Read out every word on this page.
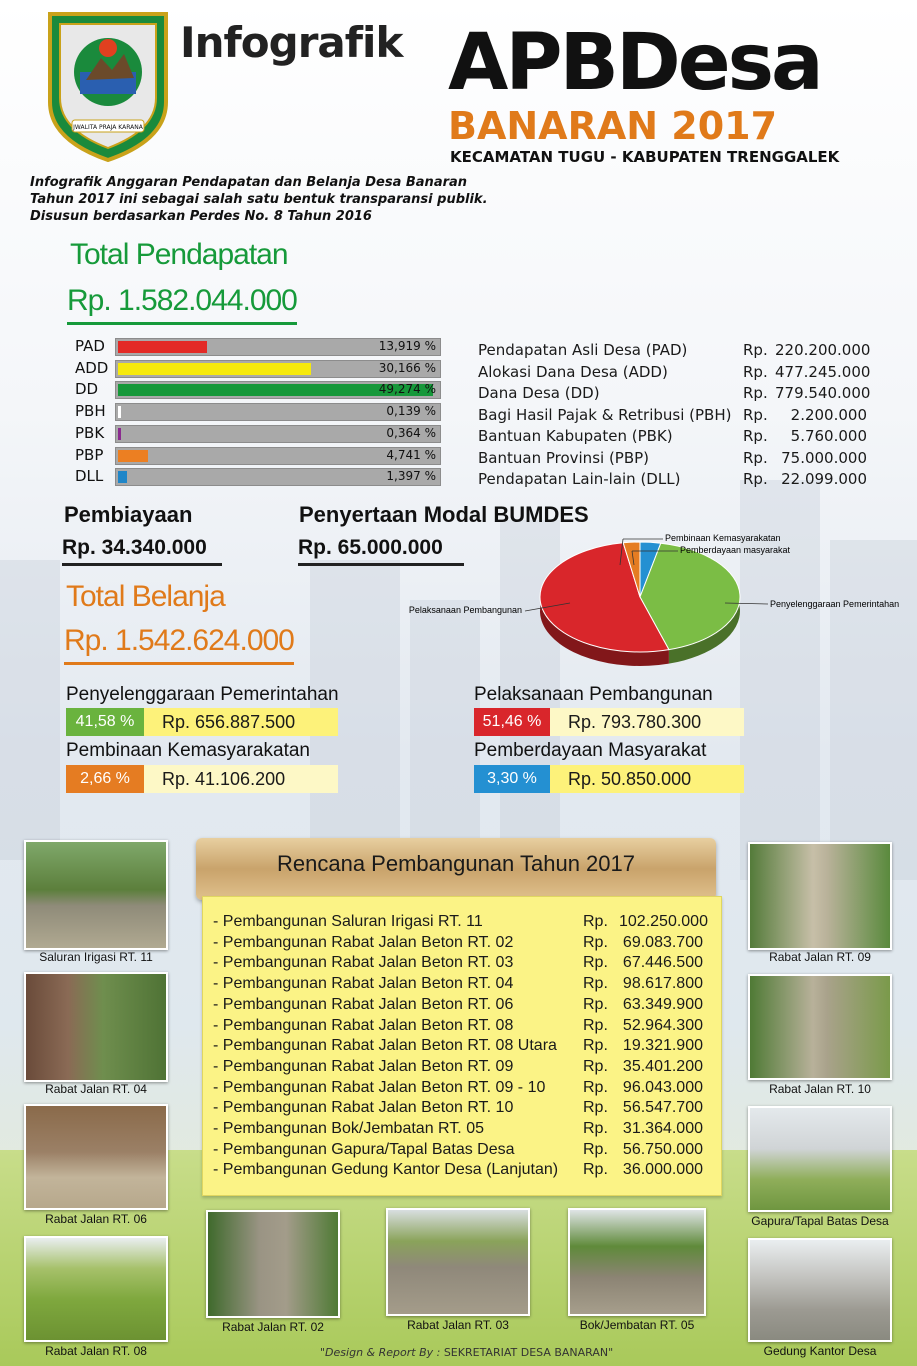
JWALITA PRAJA KARANA
Infografik APBDesa
BANARAN 2017
KECAMATAN TUGU - KABUPATEN TRENGGALEK
Infografik Anggaran Pendapatan dan Belanja Desa Banaran
Tahun 2017 ini sebagai salah satu bentuk transparansi publik.
Disusun berdasarkan Perdes No. 8 Tahun 2016
Total Pendapatan
Rp. 1.582.044.000
PAD	13,919 %
ADD	30,166 %
DD	49,274 %
PBH	0,139 %
PBK	0,364 %
PBP	4,741 %
DLL	1,397 %
Pendapatan Asli Desa (PAD)	Rp. 220.200.000
Alokasi Dana Desa (ADD)	Rp. 477.245.000
Dana Desa (DD)	Rp. 779.540.000
Bagi Hasil Pajak & Retribusi (PBH) Rp.	2.200.000
Bantuan Kabupaten (PBK)	Rp.	5.760.000
Bantuan Provinsi (PBP)	Rp. 75.000.000
Pendapatan Lain-lain (DLL)	Rp. 22.099.000
Pembiayaan
Rp. 34.340.000
Penyertaan Modal BUMDES
Rp. 65.000.000
Total Belanja
Rp. 1.542.624.000
Penyelenggaraan Pemerintahan
Pelaksanaan Pembangunan
Pembinaan Kemasyarakatan
Pemberdayaan masyarakat
Penyelenggaraan Pemerintahan
41,58 %	Rp. 656.887.500
Pembinaan Kemasyarakatan
2,66 %	Rp. 41.106.200
Pelaksanaan Pembangunan
51,46 %	Rp. 793.780.300
Pemberdayaan Masyarakat
3,30 %	Rp. 50.850.000
Rencana Pembangunan Tahun 2017
- Pembangunan Saluran Irigasi RT. 11	Rp. 102.250.000
- Pembangunan Rabat Jalan Beton RT. 02	Rp. 69.083.700
- Pembangunan Rabat Jalan Beton RT. 03	Rp. 67.446.500
- Pembangunan Rabat Jalan Beton RT. 04	Rp. 98.617.800
- Pembangunan Rabat Jalan Beton RT. 06	Rp. 63.349.900
- Pembangunan Rabat Jalan Beton RT. 08	Rp. 52.964.300
- Pembangunan Rabat Jalan Beton RT. 08 Utara	Rp. 19.321.900
- Pembangunan Rabat Jalan Beton RT. 09	Rp. 35.401.200
- Pembangunan Rabat Jalan Beton RT. 09 - 10	Rp. 96.043.000
- Pembangunan Rabat Jalan Beton RT. 10	Rp. 56.547.700
- Pembangunan Bok/Jembatan RT. 05	Rp. 31.364.000
- Pembangunan Gapura/Tapal Batas Desa	Rp. 56.750.000
- Pembangunan Gedung Kantor Desa (Lanjutan)	Rp. 36.000.000
Saluran Irigasi RT. 11
Rabat Jalan RT. 04
Rabat Jalan RT. 06
Rabat Jalan RT. 08
Rabat Jalan RT. 09
Rabat Jalan RT. 10
Gapura/Tapal Batas Desa
Gedung Kantor Desa
Rabat Jalan RT. 02	Rabat Jalan RT. 03	Bok/Jembatan RT. 05
"Design & Report By : SEKRETARIAT DESA BANARAN"
